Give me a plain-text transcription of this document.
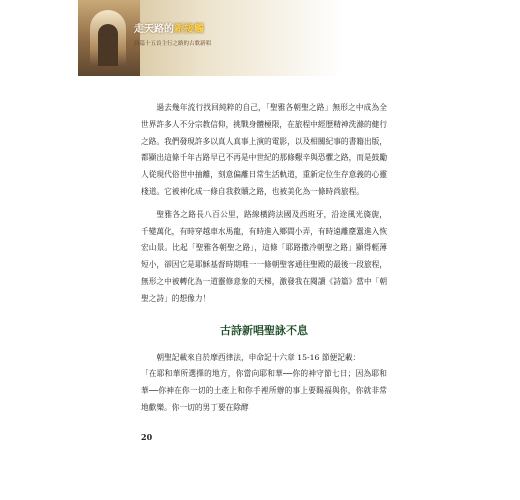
走天路的新接觸
詩篇十五首主行之路的古歌新唱

過去幾年流行找回純粹的自己，「聖雅各朝聖之路」無形之中成為全世界許多人不分宗教信仰，挑戰身體極限，在旅程中經歷精神洗滌的健行之路。我們發現許多以真人真事上演的電影，以及相關紀事的書籍出版，都顯出這條千年古路早已不再是中世紀的那條艱辛與恐懼之路，而是鼓勵人從現代俗世中抽離，刻意偏離日常生活軌道，重新定位生存意義的心靈棧道。它被神化成一條自我救贖之路，也被美化為一條時尚旅程。

聖雅各之路長八百公里，路線橫跨法國及西班牙，沿途風光旖旎，千變萬化，有時穿越車水馬龍，有時進入鄉間小弄，有時遠離塵囂進入恢宏山景。比起「聖雅各朝聖之路」，這條「耶路撒冷朝聖之路」顯得輕薄短小，卻因它是耶穌基督時期唯一一條朝聖客通往聖殿的最後一段旅程，無形之中被轉化為一道靈修意象的天梯，激發我在閱讀《詩篇》當中「朝聖之詩」的想像力！

古詩新唱聖詠不息

朝聖記載來自於摩西律法，申命記十六章 15-16 節便記載：

「在耶和華所選擇的地方，你當向耶和華──你的神守節七日；因為耶和華──你神在你一切的土產上和你手裡所辦的事上要賜福與你，你就非常地歡樂。你一切的男丁要在除酵

20
